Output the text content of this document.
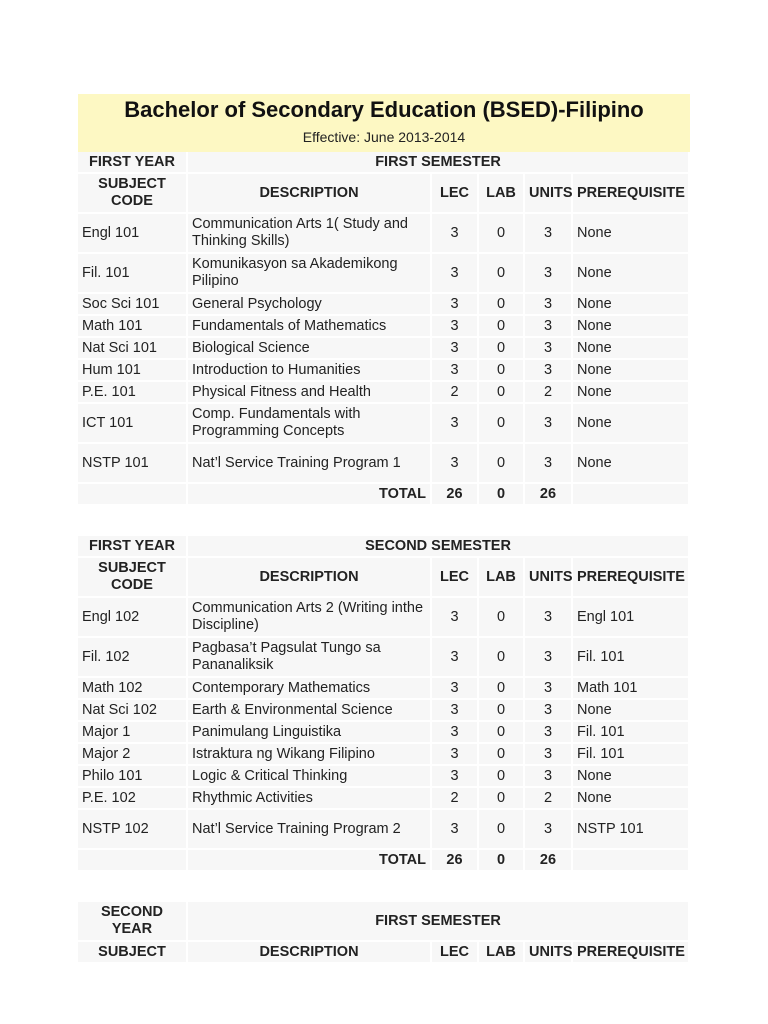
Bachelor of Secondary Education (BSED)-Filipino
Effective: June 2013-2014
FIRST YEAR	FIRST SEMESTER				
SUBJECT CODE	DESCRIPTION	LEC	LAB	UNITS	PREREQUISITE
Engl 101	Communication Arts 1( Study and Thinking Skills)	3	0	3	None
Fil. 101	Komunikasyon sa Akademikong Pilipino	3	0	3	None
Soc Sci 101	General Psychology	3	0	3	None
Math 101	Fundamentals of Mathematics	3	0	3	None
Nat Sci 101	Biological Science	3	0	3	None
Hum 101	Introduction to Humanities	3	0	3	None
P.E. 101	Physical Fitness and Health	2	0	2	None
ICT 101	Comp. Fundamentals with Programming Concepts	3	0	3	None
NSTP 101	Nat’l Service Training Program 1	3	0	3	None
	TOTAL	26	0	26	

FIRST YEAR	SECOND SEMESTER				
SUBJECT CODE	DESCRIPTION	LEC	LAB	UNITS	PREREQUISITE
Engl 102	Communication Arts 2 (Writing inthe Discipline)	3	0	3	Engl 101
Fil. 102	Pagbasa’t Pagsulat Tungo sa Pananaliksik	3	0	3	Fil. 101
Math 102	Contemporary Mathematics	3	0	3	Math 101
Nat Sci 102	Earth & Environmental Science	3	0	3	None
Major 1	Panimulang Linguistika	3	0	3	Fil. 101
Major 2	Istraktura ng Wikang Filipino	3	0	3	Fil. 101
Philo 101	Logic & Critical Thinking	3	0	3	None
P.E. 102	Rhythmic Activities	2	0	2	None
NSTP 102	Nat’l Service Training Program 2	3	0	3	NSTP 101
	TOTAL	26	0	26	

SECOND YEAR	FIRST SEMESTER				
SUBJECT	DESCRIPTION	LEC	LAB	UNITS	PREREQUISITE
